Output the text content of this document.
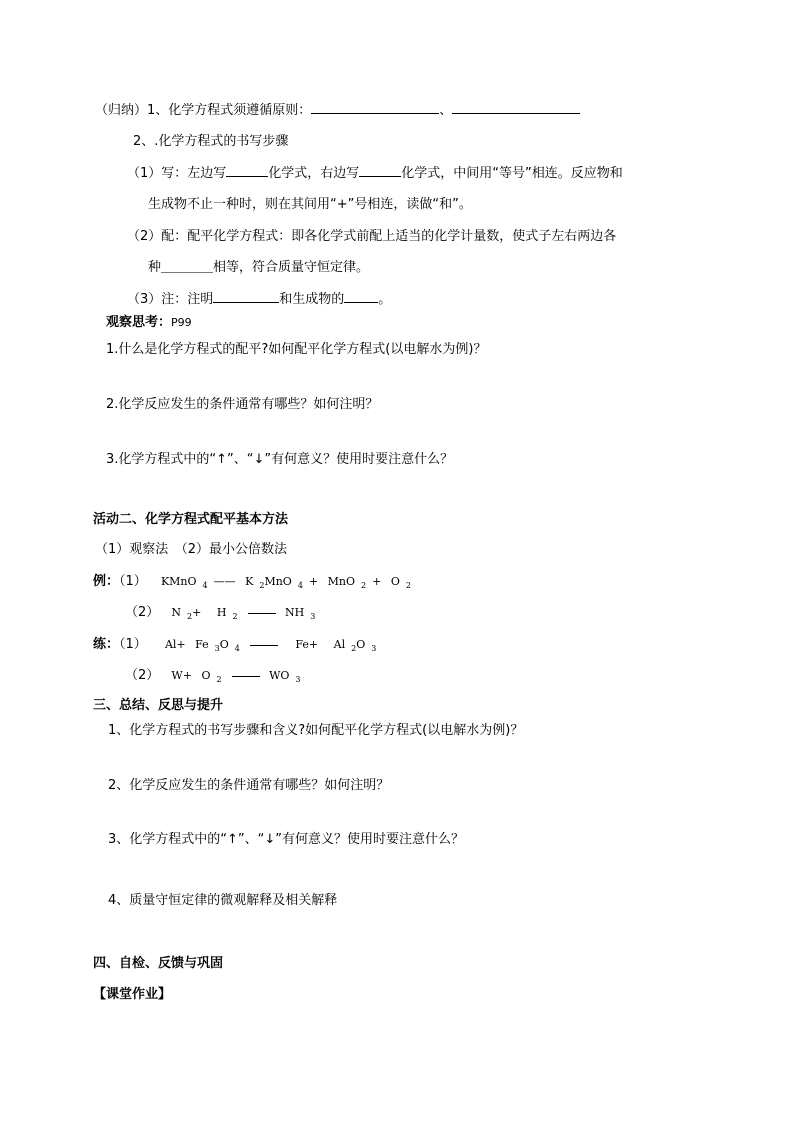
（归纳）1、化学方程式须遵循原则：	、
2、.化学方程式的书写步骤
（1）写：左边写	化学式，右边写	化学式，中间用“等号”相连。反应物和
生成物不止一种时，则在其间用“+”号相连，读做“和”。
（2）配：配平化学方程式：即各化学式前配上适当的化学计量数，使式子左右两边各
种＿＿＿＿相等，符合质量守恒定律。
（3）注：注明	和生成物的	。
观察思考：P99
1.什么是化学方程式的配平?如何配平化学方程式(以电解水为例)？
2.化学反应发生的条件通常有哪些？如何注明？
3.化学方程式中的“↑”、“↓”有何意义？使用时要注意什么？
活动二、化学方程式配平基本方法
（1）观察法　（2）最小公倍数法
例：（1） KMnO $_4$ —— K $_2$MnO $_4$ + MnO $_2$ + O $_2$
（2） N $_2$+ H $_2$	NH $_3$
练：（1） Al+ Fe $_3$O $_4$	Fe+ Al $_2$O $_3$
（2） W+ O $_2$	WO $_3$
三、总结、反思与提升
1、化学方程式的书写步骤和含义?如何配平化学方程式(以电解水为例)？
2、化学反应发生的条件通常有哪些？如何注明？
3、化学方程式中的“↑”、“↓”有何意义？使用时要注意什么？
4、质量守恒定律的微观解释及相关解释
四、自检、反馈与巩固
【课堂作业】
